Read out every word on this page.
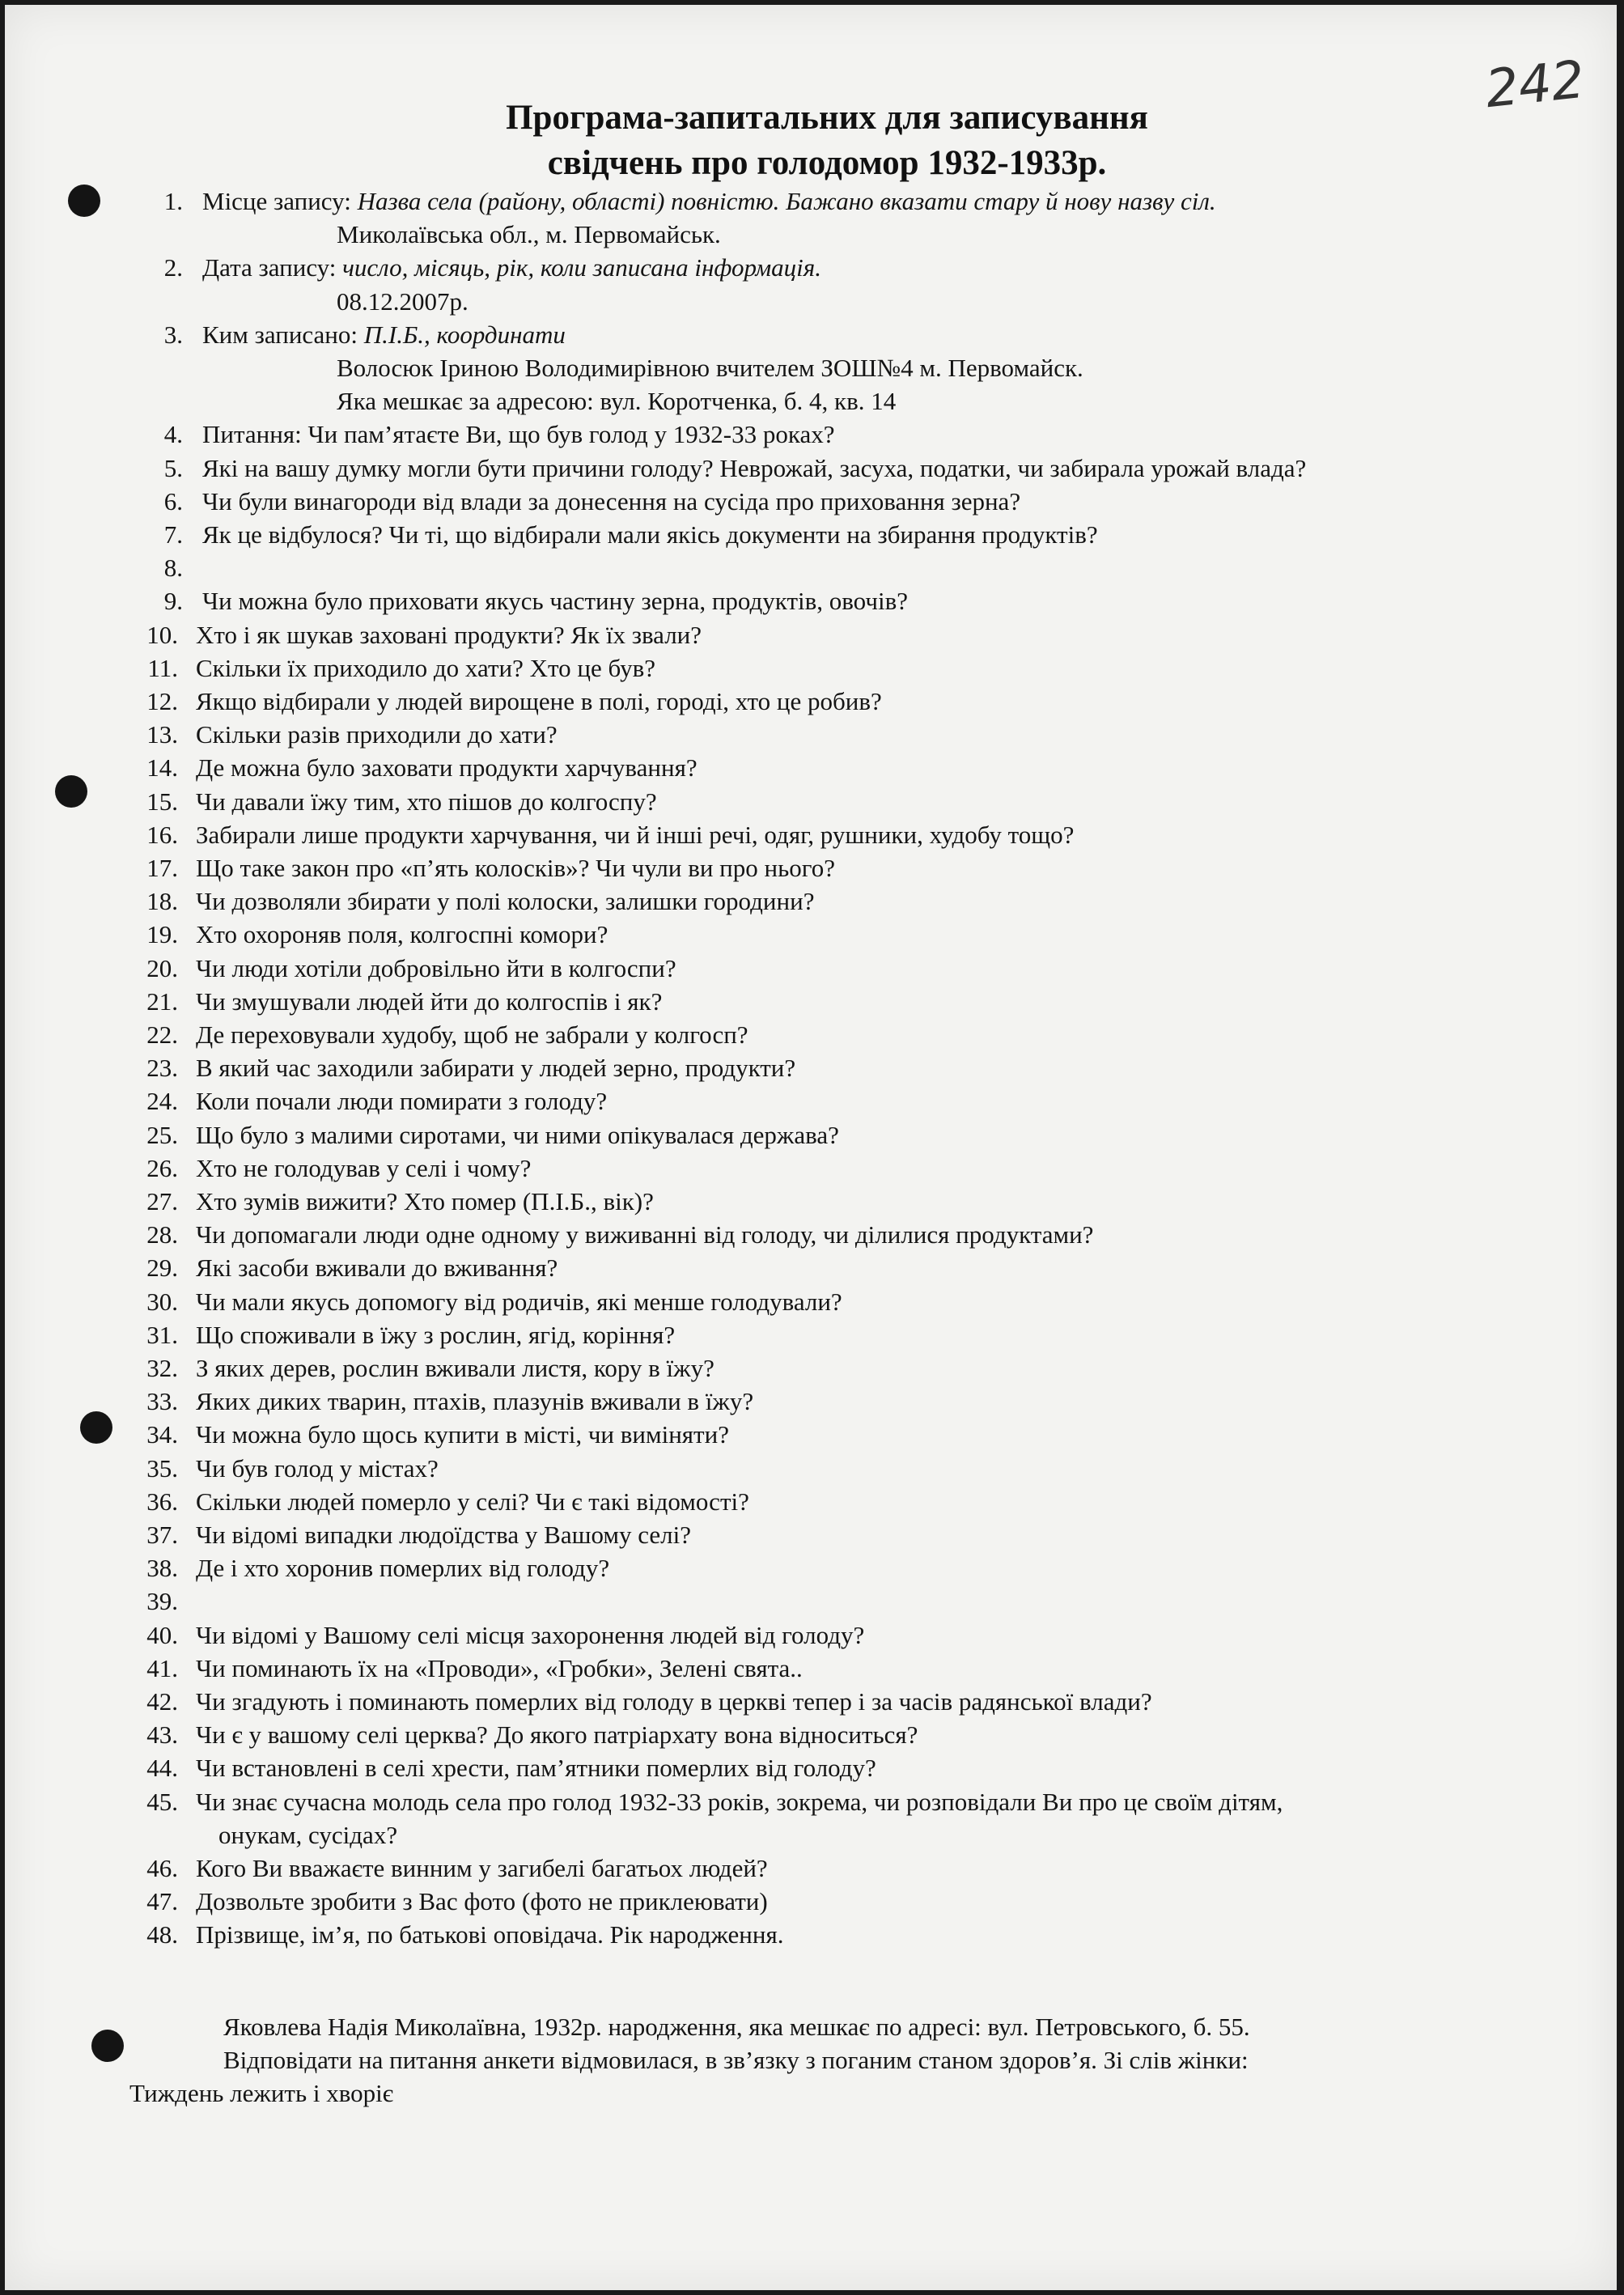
242
Програма-запитальних для записування
свідчень про голодомор 1932-1933р.
1. Місце запису: Назва села (району, області) повністю. Бажано вказати стару й нову назву сіл.
Миколаївська обл., м. Первомайськ.
2. Дата запису: число, місяць, рік, коли записана інформація.
08.12.2007р.
3. Ким записано: П.І.Б., координати
Волосюк Іриною Володимирівною вчителем ЗОШ№4 м. Первомайск.
Яка мешкає за адресою: вул. Коротченка, б. 4, кв. 14
4. Питання: Чи пам’ятаєте Ви, що був голод у 1932-33 роках?
5. Які на вашу думку могли бути причини голоду? Неврожай, засуха, податки, чи забирала урожай влада?
6. Чи були винагороди від влади за донесення на сусіда про приховання зерна?
7. Як це відбулося? Чи ті, що відбирали мали якісь документи на збирання продуктів?
8.
9. Чи можна було приховати якусь частину зерна, продуктів, овочів?
10. Хто і як шукав заховані продукти? Як їх звали?
11. Скільки їх приходило до хати? Хто це був?
12. Якщо відбирали у людей вирощене в полі, городі, хто це робив?
13. Скільки разів приходили до хати?
14. Де можна було заховати продукти харчування?
15. Чи давали їжу тим, хто пішов до колгоспу?
16. Забирали лише продукти харчування, чи й інші речі, одяг, рушники, худобу тощо?
17. Що таке закон про «п’ять колосків»? Чи чули ви про нього?
18. Чи дозволяли збирати у полі колоски, залишки городини?
19. Хто охороняв поля, колгоспні комори?
20. Чи люди хотіли добровільно йти в колгоспи?
21. Чи змушували людей йти до колгоспів і як?
22. Де переховували худобу, щоб не забрали у колгосп?
23. В який час заходили забирати у людей зерно, продукти?
24. Коли почали люди помирати з голоду?
25. Що було з малими сиротами, чи ними опікувалася держава?
26. Хто не голодував у селі і чому?
27. Хто зумів вижити? Хто помер (П.І.Б., вік)?
28. Чи допомагали люди одне одному у виживанні від голоду, чи ділилися продуктами?
29. Які засоби вживали до вживання?
30. Чи мали якусь допомогу від родичів, які менше голодували?
31. Що споживали в їжу з рослин, ягід, коріння?
32. З яких дерев, рослин вживали листя, кору в їжу?
33. Яких диких тварин, птахів, плазунів вживали в їжу?
34. Чи можна було щось купити в місті, чи виміняти?
35. Чи був голод у містах?
36. Скільки людей померло у селі? Чи є такі відомості?
37. Чи відомі випадки людоїдства у Вашому селі?
38. Де і хто хоронив померлих від голоду?
39.
40. Чи відомі у Вашому селі місця захоронення людей від голоду?
41. Чи поминають їх на «Проводи», «Гробки», Зелені свята..
42. Чи згадують і поминають померлих від голоду в церкві тепер і за часів радянської влади?
43. Чи є у вашому селі церква? До якого патріархату вона відноситься?
44. Чи встановлені в селі хрести, пам’ятники померлих від голоду?
45. Чи знає сучасна молодь села про голод 1932-33 років, зокрема, чи розповідали Ви про це своїм дітям,
онукам, сусідах?
46. Кого Ви вважаєте винним у загибелі багатьох людей?
47. Дозвольте зробити з Вас фото (фото не приклеювати)
48. Прізвище, ім’я, по батькові оповідача. Рік народження.
Яковлева Надія Миколаївна, 1932р. народження, яка мешкає по адресі: вул. Петровського, б. 55.
Відповідати на питання анкети відмовилася, в зв’язку з поганим станом здоров’я. Зі слів жінки:
Тиждень лежить і хворіє
